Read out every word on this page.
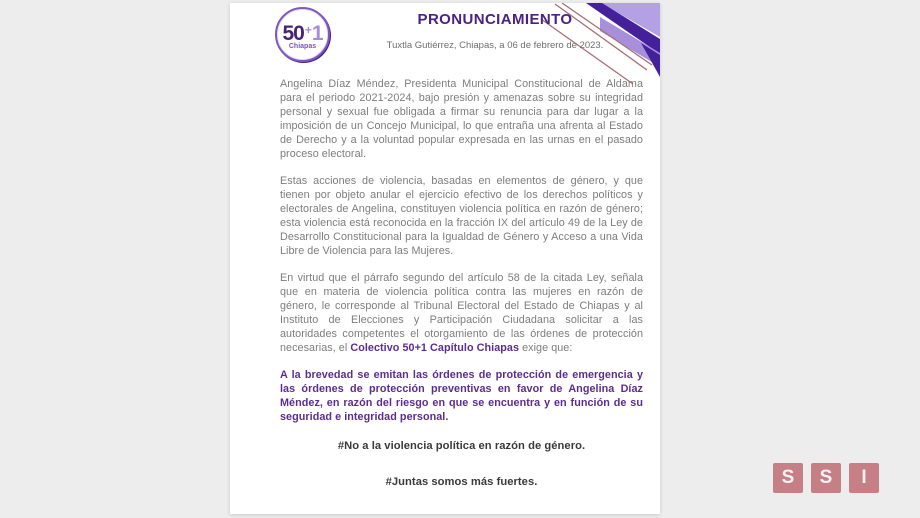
50 + 1
Chiapas
PRONUNCIAMIENTO
Tuxtla Gutiérrez, Chiapas, a 06 de febrero de 2023.

Angelina Díaz Méndez, Presidenta Municipal Constitucional de Aldama para el periodo 2021-2024, bajo presión y amenazas sobre su integridad personal y sexual fue obligada a firmar su renuncia para dar lugar a la imposición de un Concejo Municipal, lo que entraña una afrenta al Estado de Derecho y a la voluntad popular expresada en las urnas en el pasado proceso electoral.

Estas acciones de violencia, basadas en elementos de género, y que tienen por objeto anular el ejercicio efectivo de los derechos políticos y electorales de Angelina, constituyen violencia política en razón de género; esta violencia está reconocida en la fracción IX del artículo 49 de la Ley de Desarrollo Constitucional para la Igualdad de Género y Acceso a una Vida Libre de Violencia para las Mujeres.

En virtud que el párrafo segundo del artículo 58 de la citada Ley, señala que en materia de violencia política contra las mujeres en razón de género, le corresponde al Tribunal Electoral del Estado de Chiapas y al Instituto de Elecciones y Participación Ciudadana solicitar a las autoridades competentes el otorgamiento de las órdenes de protección necesarias, el Colectivo 50+1 Capítulo Chiapas exige que:

A la brevedad se emitan las órdenes de protección de emergencia y las órdenes de protección preventivas en favor de Angelina Díaz Méndez, en razón del riesgo en que se encuentra y en función de su seguridad e integridad personal.

#No a la violencia política en razón de género.

#Juntas somos más fuertes.	S	S	I
